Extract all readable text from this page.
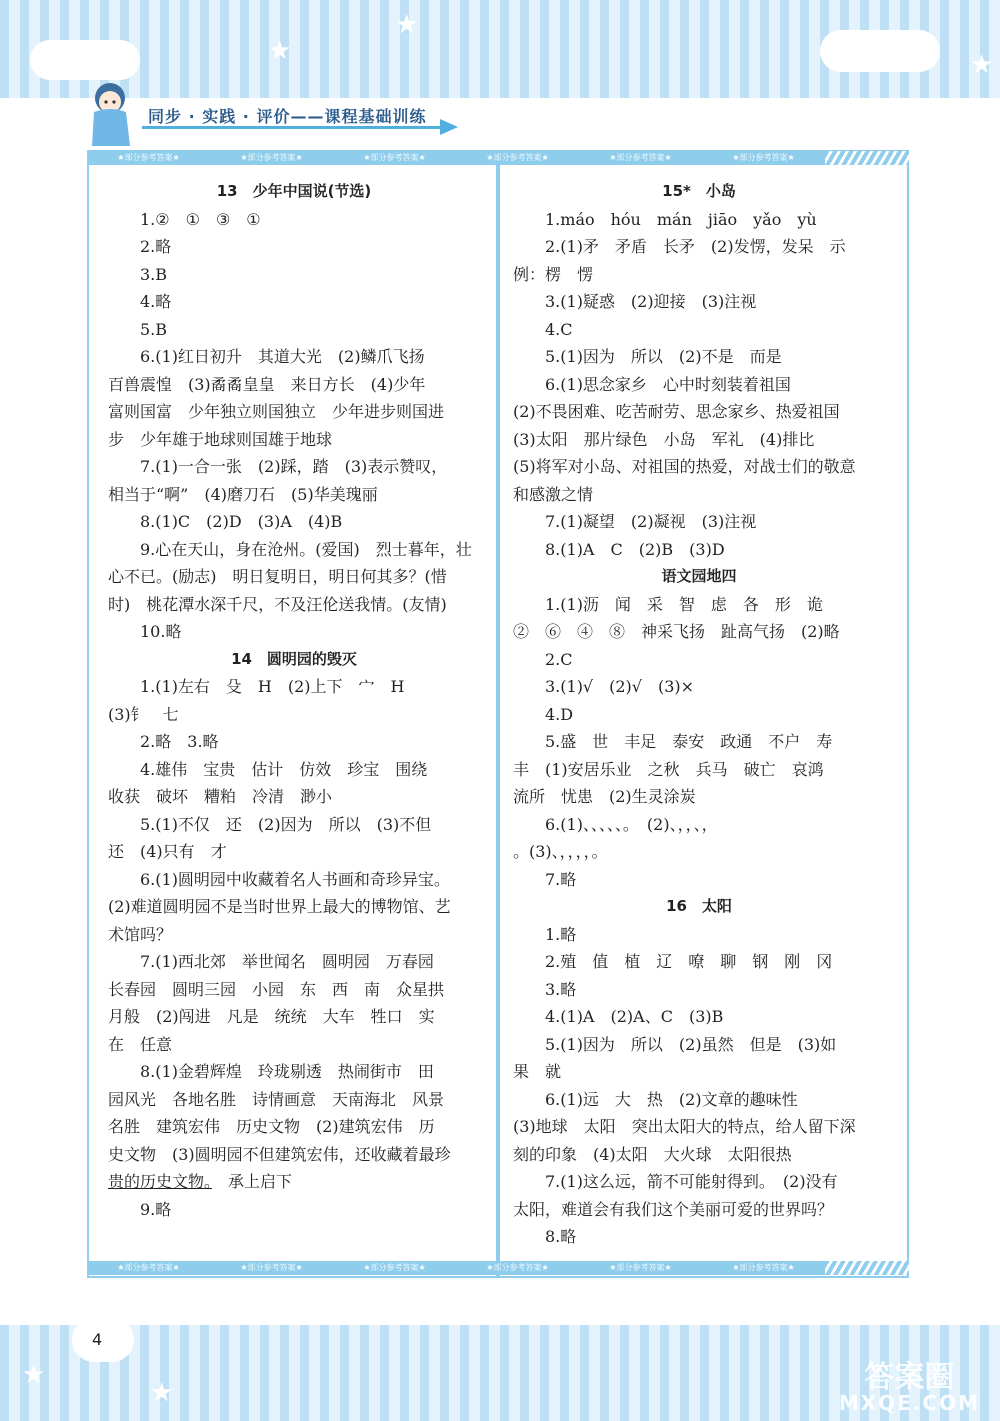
★
★
★
同步 · 实践 · 评价——课程基础训练
★部分参考答案★	★部分参考答案★	★部分参考答案★	★部分参考答案★	★部分参考答案★	★部分参考答案★
★部分参考答案★	★部分参考答案★	★部分参考答案★	★部分参考答案★	★部分参考答案★	★部分参考答案★

13　少年中国说(节选)

1.②　①　③　①

2.略

3.B

4.略

5.B

6.(1)红日初升　其道大光　(2)鳞爪飞扬

百兽震惶　(3)矞矞皇皇　来日方长　(4)少年

富则国富　少年独立则国独立　少年进步则国进

步　少年雄于地球则国雄于地球

7.(1)一合一张　(2)踩，踏　(3)表示赞叹，

相当于“啊”　(4)磨刀石　(5)华美瑰丽

8.(1)C　(2)D　(3)A　(4)B

9.心在天山，身在沧州。(爱国)　烈士暮年，壮

心不已。(励志)　明日复明日，明日何其多？(惜

时)　桃花潭水深千尺，不及汪伦送我情。(友情)

10.略

14　圆明园的毁灭

1.(1)左右　殳　H　(2)上下　宀　H

(3)钅　七

2.略　3.略

4.雄伟　宝贵　估计　仿效　珍宝　围绕

收获　破坏　糟粕　冷清　渺小

5.(1)不仅　还　(2)因为　所以　(3)不但

还　(4)只有　才

6.(1)圆明园中收藏着名人书画和奇珍异宝。

(2)难道圆明园不是当时世界上最大的博物馆、艺

术馆吗？

7.(1)西北郊　举世闻名　圆明园　万春园

长春园　圆明三园　小园　东　西　南　众星拱

月般　(2)闯进　凡是　统统　大车　牲口　实

在　任意

8.(1)金碧辉煌　玲珑剔透　热闹街市　田

园风光　各地名胜　诗情画意　天南海北　风景

名胜　建筑宏伟　历史文物　(2)建筑宏伟　历

史文物　(3)圆明园不但建筑宏伟，还收藏着最珍

贵的历史文物。　承上启下

9.略

15*　小岛

1.máo　hóu　mán　jiāo　yǎo　yù

2.(1)矛　矛盾　长矛　(2)发愣，发呆　示

例：楞　愣

3.(1)疑惑　(2)迎接　(3)注视

4.C

5.(1)因为　所以　(2)不是　而是

6.(1)思念家乡　心中时刻装着祖国

(2)不畏困难、吃苦耐劳、思念家乡、热爱祖国

(3)太阳　那片绿色　小岛　军礼　(4)排比

(5)将军对小岛、对祖国的热爱，对战士们的敬意

和感激之情

7.(1)凝望　(2)凝视　(3)注视

8.(1)A　C　(2)B　(3)D

语文园地四

1.(1)沥　闻　采　智　虑　各　形　诡

②　⑥　④　⑧　神采飞扬　趾高气扬　(2)略

2.C

3.(1)√　(2)√　(3)×

4.D

5.盛　世　丰足　泰安　政通　不户　寿

丰　(1)安居乐业　之秋　兵马　破亡　哀鸿

流所　忧患　(2)生灵涂炭

6.(1)、、、、、。　(2)、，，、，

。(3)、，，，，。

7.略

16　太阳

1.略

2.殖　值　植　辽　嘹　聊　钢　刚　冈

3.略

4.(1)A　(2)A、C　(3)B

5.(1)因为　所以　(2)虽然　但是　(3)如

果　就

6.(1)远　大　热　(2)文章的趣味性

(3)地球　太阳　突出太阳大的特点，给人留下深

刻的印象　(4)太阳　大火球　太阳很热

7.(1)这么远，箭不可能射得到。　(2)没有

太阳，难道会有我们这个美丽可爱的世界吗？

8.略

★
★
4
答案圈
MXQE.COM
